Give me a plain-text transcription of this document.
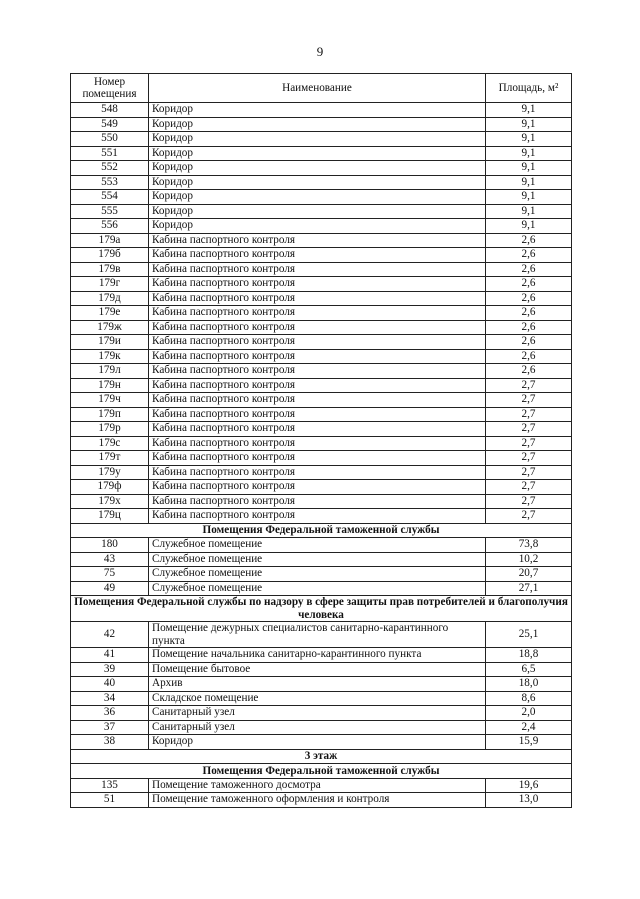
9
Номер помещения	Наименование	Площадь, м²
548	Коридор	9,1
549	Коридор	9,1
550	Коридор	9,1
551	Коридор	9,1
552	Коридор	9,1
553	Коридор	9,1
554	Коридор	9,1
555	Коридор	9,1
556	Коридор	9,1
179а	Кабина паспортного контроля	2,6
179б	Кабина паспортного контроля	2,6
179в	Кабина паспортного контроля	2,6
179г	Кабина паспортного контроля	2,6
179д	Кабина паспортного контроля	2,6
179е	Кабина паспортного контроля	2,6
179ж	Кабина паспортного контроля	2,6
179и	Кабина паспортного контроля	2,6
179к	Кабина паспортного контроля	2,6
179л	Кабина паспортного контроля	2,6
179н	Кабина паспортного контроля	2,7
179ч	Кабина паспортного контроля	2,7
179п	Кабина паспортного контроля	2,7
179р	Кабина паспортного контроля	2,7
179с	Кабина паспортного контроля	2,7
179т	Кабина паспортного контроля	2,7
179у	Кабина паспортного контроля	2,7
179ф	Кабина паспортного контроля	2,7
179х	Кабина паспортного контроля	2,7
179ц	Кабина паспортного контроля	2,7
Помещения Федеральной таможенной службы		
180	Служебное помещение	73,8
43	Служебное помещение	10,2
75	Служебное помещение	20,7
49	Служебное помещение	27,1
Помещения Федеральной службы по надзору в сфере защиты прав потребителей и благополучия человека		
42	Помещение дежурных специалистов санитарно-карантинного пункта	25,1
41	Помещение начальника санитарно-карантинного пункта	18,8
39	Помещение бытовое	6,5
40	Архив	18,0
34	Складское помещение	8,6
36	Санитарный узел	2,0
37	Санитарный узел	2,4
38	Коридор	15,9
3 этаж		
Помещения Федеральной таможенной службы		
135	Помещение таможенного досмотра	19,6
51	Помещение таможенного оформления и контроля	13,0
